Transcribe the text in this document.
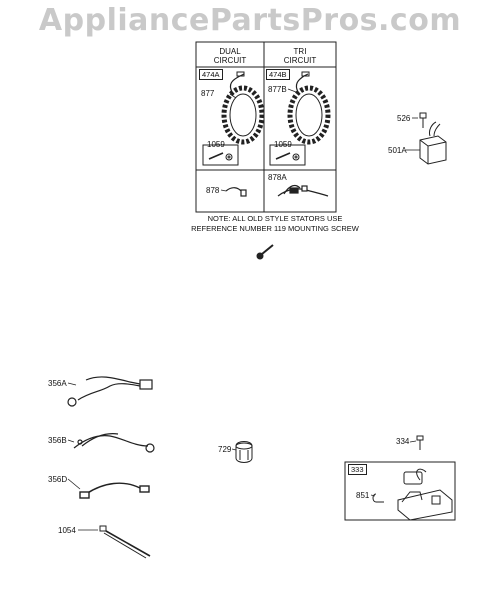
AppliancePartsPros.com
DUAL
CIRCUIT
TRI
CIRCUIT
474A	474B
877	877B
1059	1059
878
878A
NOTE: ALL OLD STYLE STATORS USE
REFERENCE NUMBER 119 MOUNTING SCREW
526
501A
356A
356B
356D
1054
729
334
333
851
